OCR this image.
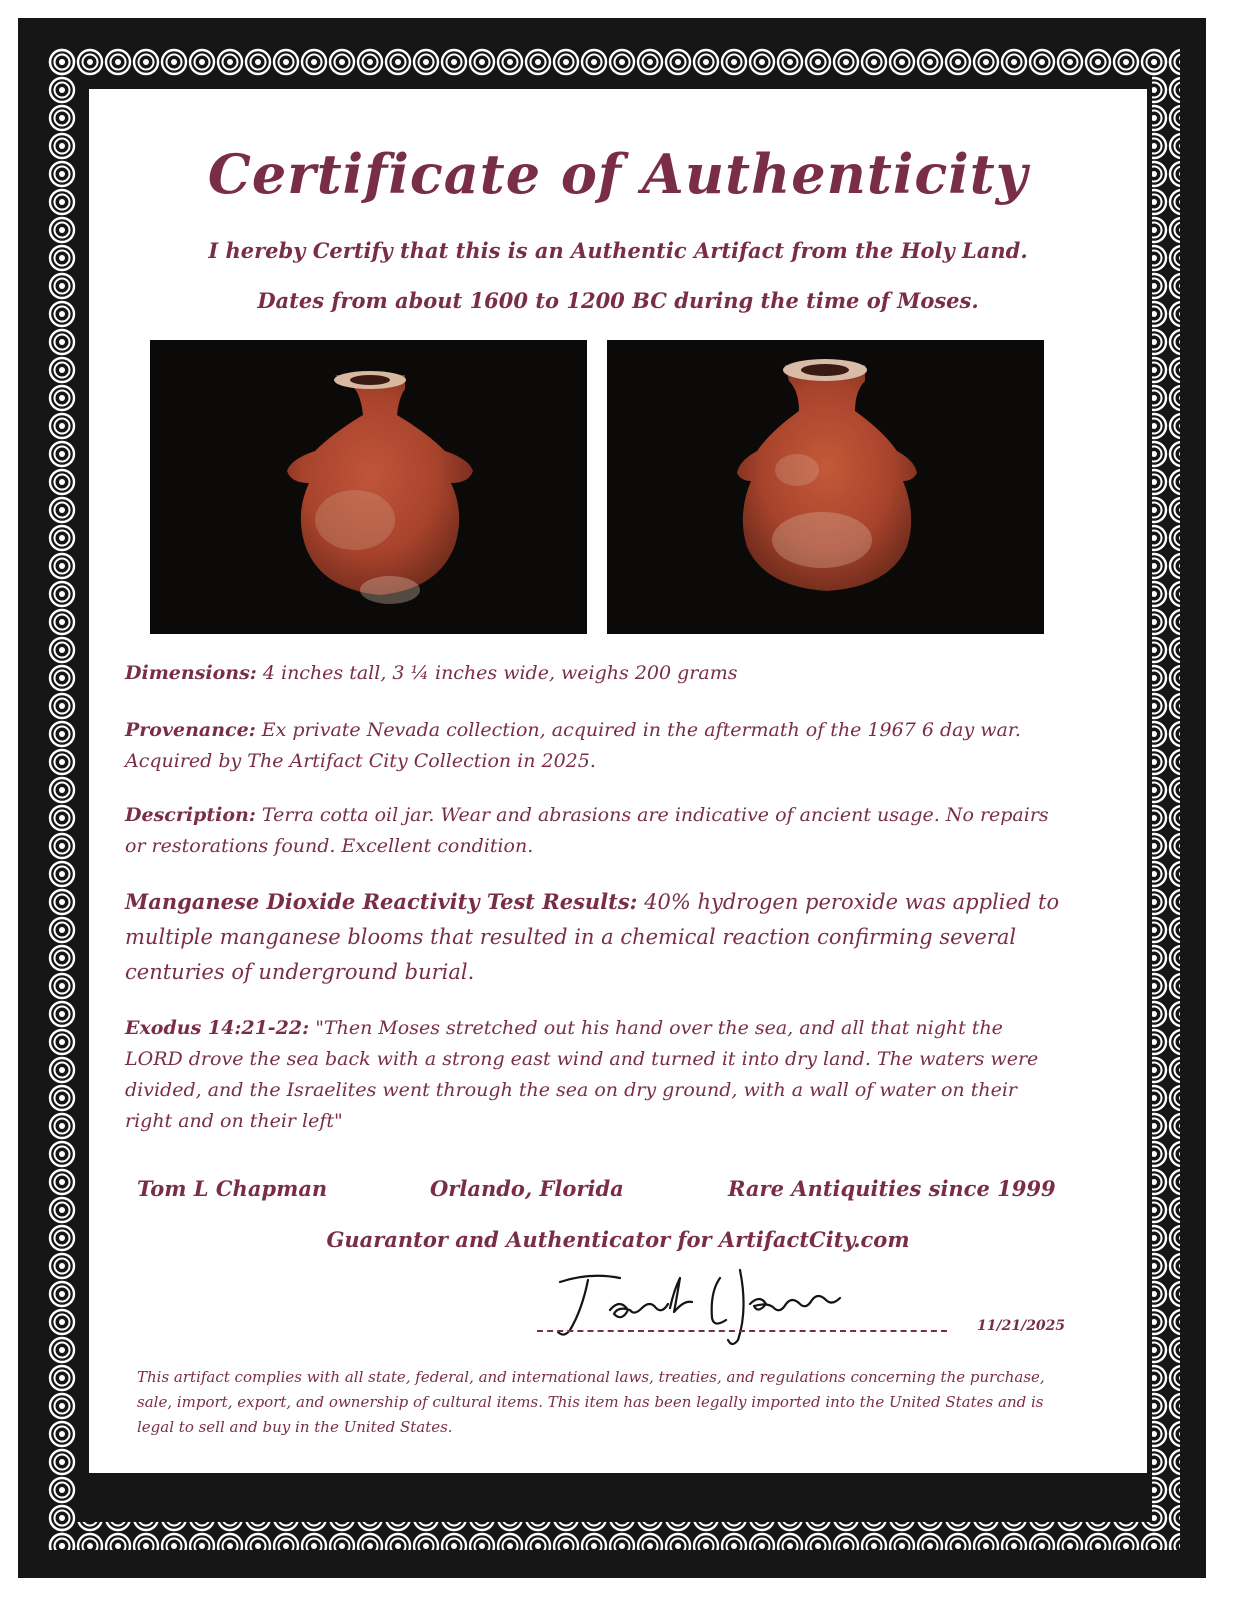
Certificate of Authenticity
I hereby Certify that this is an Authentic Artifact from the Holy Land.
Dates from about 1600 to 1200 BC during the time of Moses.
Dimensions: 4 inches tall, 3 ¼ inches wide, weighs 200 grams
Provenance: Ex private Nevada collection, acquired in the aftermath of the 1967 6 day war. Acquired by The Artifact City Collection in 2025.
Description: Terra cotta oil jar. Wear and abrasions are indicative of ancient usage. No repairs or restorations found. Excellent condition.
Manganese Dioxide Reactivity Test Results: 40% hydrogen peroxide was applied to multiple manganese blooms that resulted in a chemical reaction confirming several centuries of underground burial.
Exodus 14:21-22: "Then Moses stretched out his hand over the sea, and all that night the LORD drove the sea back with a strong east wind and turned it into dry land. The waters were divided, and the Israelites went through the sea on dry ground, with a wall of water on their right and on their left"
Tom L Chapman	Orlando, Florida	Rare Antiquities since 1999
Guarantor and Authenticator for ArtifactCity.com
11/21/2025
This artifact complies with all state, federal, and international laws, treaties, and regulations concerning the purchase, sale, import, export, and ownership of cultural items. This item has been legally imported into the United States and is legal to sell and buy in the United States.
